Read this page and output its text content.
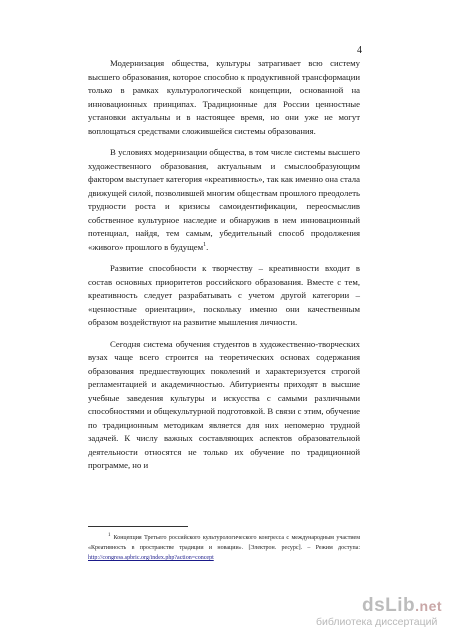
4

Модернизация общества, культуры затрагивает всю систему высшего образования, которое способно к продуктивной трансформации только в рамках культурологической концепции, основанной на инновационных принципах. Традиционные для России ценностные установки актуальны и в настоящее время, но они уже не могут воплощаться средствами сложившейся системы образования.

В условиях модернизации общества, в том числе системы высшего художественного образования, актуальным и смыслообразующим фактором выступает категория «креативность», так как именно она стала движущей силой, позволившей многим обществам прошлого преодолеть трудности роста и кризисы самоидентификации, переосмыслив собственное культурное наследие и обнаружив в нем инновационный потенциал, найдя, тем самым, убедительный способ продолжения «живого» прошлого в будущем$^1$.

Развитие способности к творчеству – креативности входит в состав основных приоритетов российского образования. Вместе с тем, креативность следует разрабатывать с учетом другой категории – «ценностные ориентации», поскольку именно они качественным образом воздействуют на развитие мышления личности.

Сегодня система обучения студентов в художественно-творческих вузах чаще всего строится на теоретических основах содержания образования предшествующих поколений и характеризуется строгой регламентацией и академичностью. Абитуриенты приходят в высшие учебные заведения культуры и искусства с самыми различными способностями и общекультурной подготовкой. В связи с этим, обучение по традиционным методикам является для них непомерно трудной задачей. К числу важных составляющих аспектов образовательной деятельности относятся не только их обучение по традиционной программе, но и

$^1$ Концепция Третьего российского культурологического конгресса с международным участием «Креативность в пространстве традиции и новации». [Электрон. ресурс]. – Режим доступа: http://congress.spbric.org/index.php?action=concept
dsLib.net
библиотека диссертаций
